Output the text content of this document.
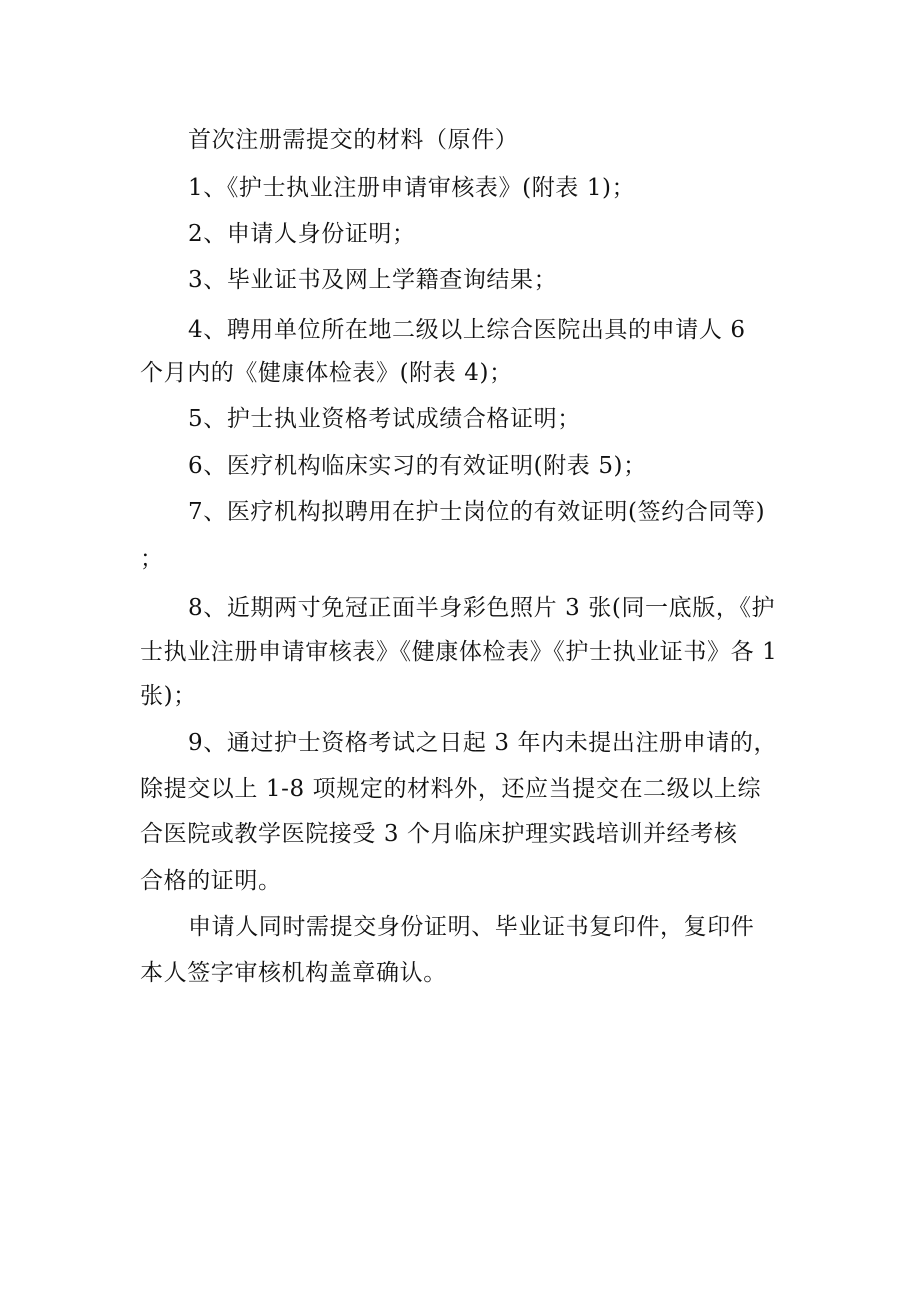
首次注册需提交的材料（原件）

1、《护士执业注册申请审核表》(附表 1)；

2、申请人身份证明；

3、毕业证书及网上学籍查询结果；

4、聘用单位所在地二级以上综合医院出具的申请人 6

个月内的《健康体检表》(附表 4)；

5、护士执业资格考试成绩合格证明；

6、医疗机构临床实习的有效证明(附表 5)；

7、医疗机构拟聘用在护士岗位的有效证明(签约合同等)

；

8、近期两寸免冠正面半身彩色照片 3 张(同一底版，《护

士执业注册申请审核表》《健康体检表》《护士执业证书》各 1

张)；

9、通过护士资格考试之日起 3 年内未提出注册申请的，

除提交以上 1-8 项规定的材料外，还应当提交在二级以上综

合医院或教学医院接受 3 个月临床护理实践培训并经考核

合格的证明。

申请人同时需提交身份证明、毕业证书复印件，复印件

本人签字审核机构盖章确认。
